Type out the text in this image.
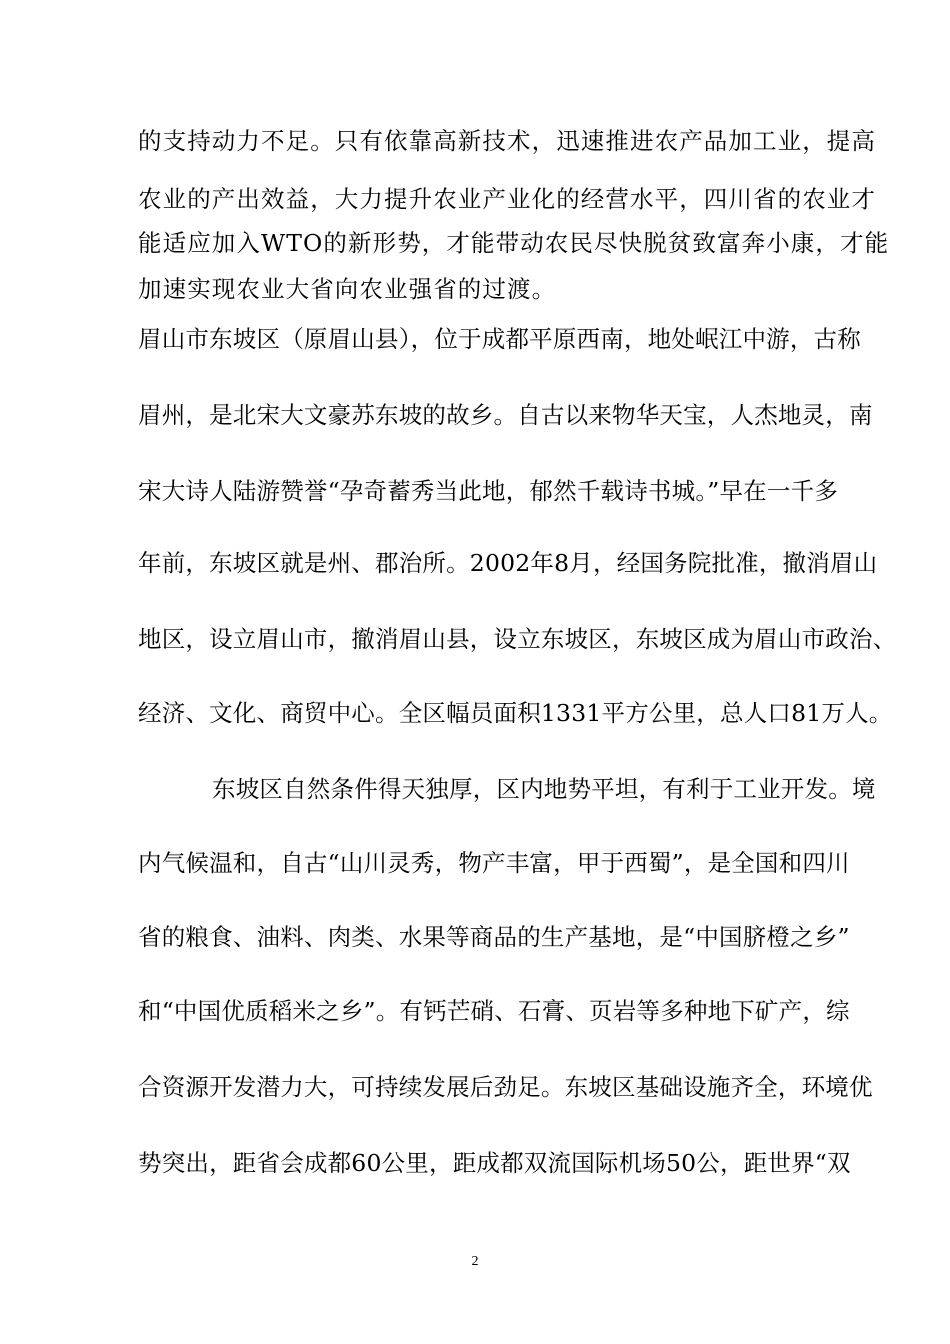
的支持动力不足。只有依靠高新技术，迅速推进农产品加工业，提高
农业的产出效益，大力提升农业产业化的经营水平，四川省的农业才
能适应加入WTO的新形势，才能带动农民尽快脱贫致富奔小康，才能
加速实现农业大省向农业强省的过渡。
眉山市东坡区（原眉山县），位于成都平原西南，地处岷江中游，古称
眉州，是北宋大文豪苏东坡的故乡。自古以来物华天宝，人杰地灵，南
宋大诗人陆游赞誉“孕奇蓄秀当此地，郁然千载诗书城。”早在一千多
年前，东坡区就是州、郡治所。2002年8月，经国务院批准，撤消眉山
地区，设立眉山市，撤消眉山县，设立东坡区，东坡区成为眉山市政治、
经济、文化、商贸中心。全区幅员面积1331平方公里，总人口81万人。
东坡区自然条件得天独厚，区内地势平坦，有利于工业开发。境
内气候温和，自古“山川灵秀，物产丰富，甲于西蜀”，是全国和四川
省的粮食、油料、肉类、水果等商品的生产基地，是“中国脐橙之乡”
和“中国优质稻米之乡”。有钙芒硝、石膏、页岩等多种地下矿产，综
合资源开发潜力大，可持续发展后劲足。东坡区基础设施齐全，环境优
势突出，距省会成都60公里，距成都双流国际机场50公，距世界“双
2
